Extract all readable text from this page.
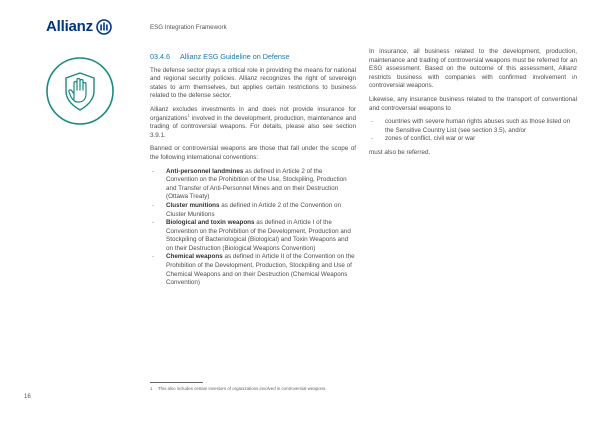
Allianz	ESG Integration Framework
03.4.6	Allianz ESG Guideline on Defense

The defense sector plays a critical role in providing the means for national and regional security policies. Allianz recognizes the right of sovereign states to arm themselves, but applies certain restrictions to business related to the defense sector.

Allianz excludes investments in and does not provide insurance for organizations$^1$ involved in the development, production, maintenance and trading of controversial weapons. For details, please also see section 3.9.1.

Banned or controversial weapons are those that fall under the scope of the following international conventions:

- Anti-personnel landmines as defined in Article 2 of the Convention on the Prohibition of the Use, Stockpiling, Production and Transfer of Anti-Personnel Mines and on their Destruction (Ottawa Treaty)
- Cluster munitions as defined in Article 2 of the Convention on Cluster Munitions
- Biological and toxin weapons as defined in Article I of the Convention on the Prohibition of the Development, Production and Stockpiling of Bacteriological (Biological) and Toxin Weapons and on their Destruction (Biological Weapons Convention)
- Chemical weapons as defined in Article II of the Convention on the Prohibition of the Development, Production, Stockpiling and Use of Chemical Weapons and on their Destruction (Chemical Weapons Convention)

In insurance, all business related to the development, production, maintenance and trading of controversial weapons must be referred for an ESG assessment. Based on the outcome of this assessment, Allianz restricts business with companies with confirmed involvement in controversial weapons.

Likewise, any insurance business related to the transport of conventional and controversial weapons to

- countries with severe human rights abuses such as those listed on the Sensitive Country List (see section 3.5), and/or
- zones of conflict, civil war or war

must also be referred.

1	This also includes certain investors of organizations involved in controversial weapons.
16
